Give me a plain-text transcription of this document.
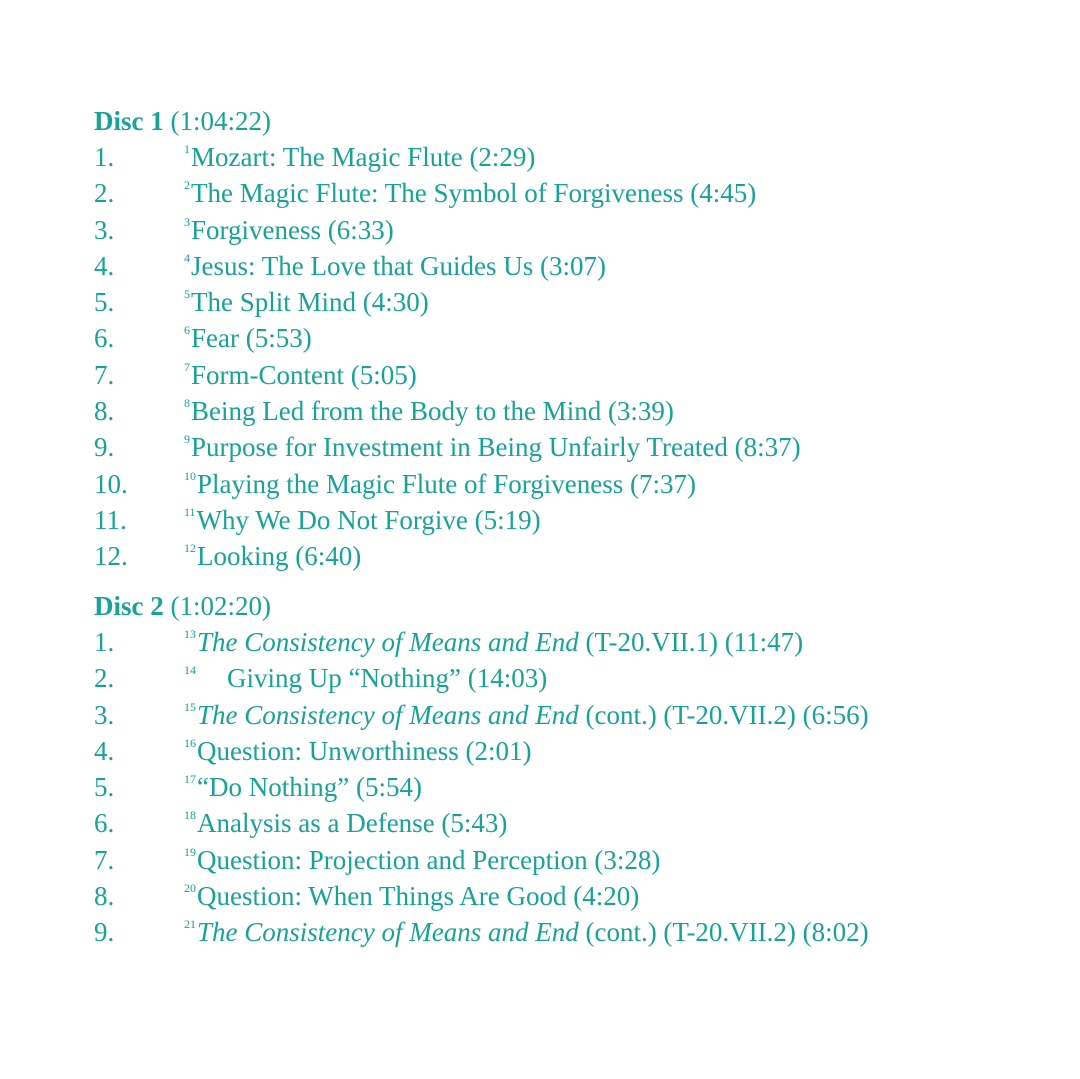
Disc 1 (1:04:22)
1.	$^1$Mozart: The Magic Flute (2:29)
2.	$^2$The Magic Flute: The Symbol of Forgiveness (4:45)
3.	$^3$Forgiveness (6:33)
4.	$^4$Jesus: The Love that Guides Us (3:07)
5.	$^5$The Split Mind (4:30)
6.	$^6$Fear (5:53)
7.	$^7$Form-Content (5:05)
8.	$^8$Being Led from the Body to the Mind (3:39)
9.	$^9$Purpose for Investment in Being Unfairly Treated (8:37)
10.	$^{10}$Playing the Magic Flute of Forgiveness (7:37)
11.	$^{11}$Why We Do Not Forgive (5:19)
12.	$^{12}$Looking (6:40)
Disc 2 (1:02:20)
1.	$^{13}$The Consistency of Means and End (T-20.VII.1) (11:47)
2.	$^{14}$ Giving Up “Nothing” (14:03)
3.	$^{15}$The Consistency of Means and End (cont.) (T-20.VII.2) (6:56)
4.	$^{16}$Question: Unworthiness (2:01)
5.	$^{17}$“Do Nothing” (5:54)
6.	$^{18}$Analysis as a Defense (5:43)
7.	$^{19}$Question: Projection and Perception (3:28)
8.	$^{20}$Question: When Things Are Good (4:20)
9.	$^{21}$The Consistency of Means and End (cont.) (T-20.VII.2) (8:02)
